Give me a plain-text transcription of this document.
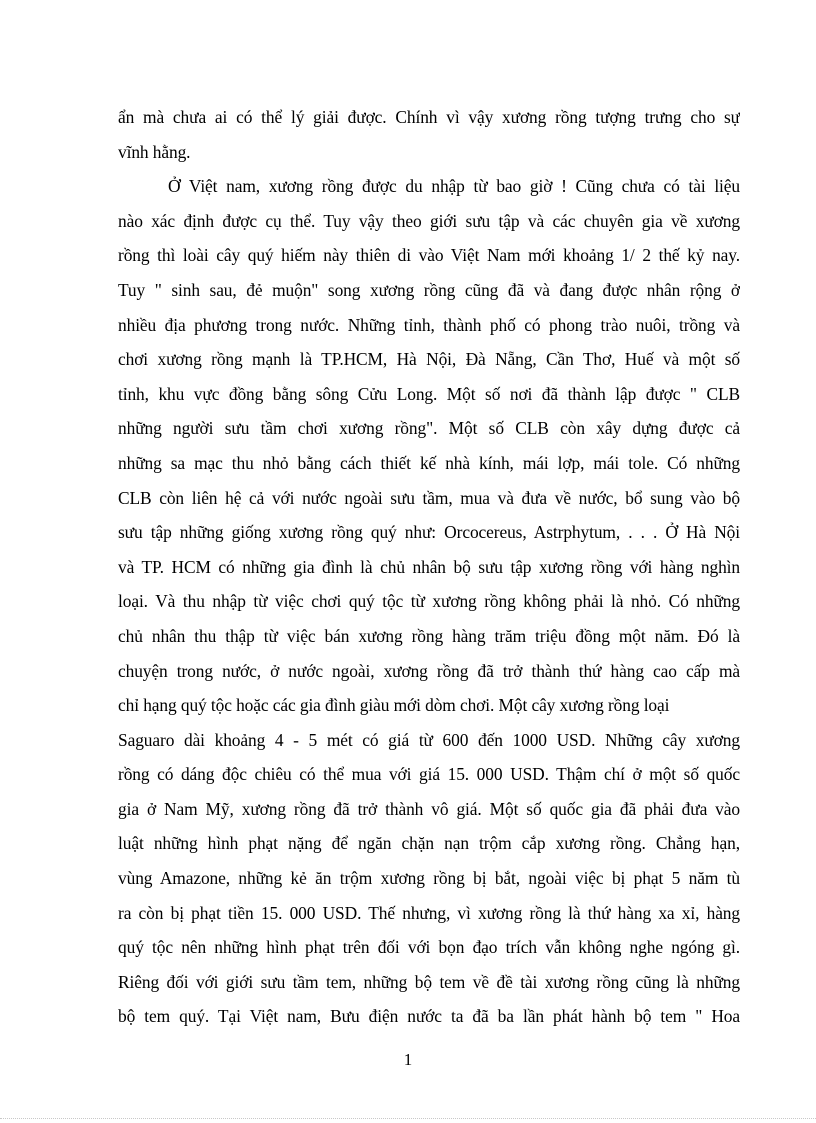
ẩn mà chưa ai có thể lý giải được. Chính vì vậy xương rồng tượng trưng cho sự
vĩnh hằng.
Ở Việt nam, xương rồng được du nhập từ bao giờ ! Cũng chưa có tài liệu
nào xác định được cụ thể. Tuy vậy theo giới sưu tập và các chuyên gia về xương
rồng thì loài cây quý hiếm này thiên di vào Việt Nam mới khoảng 1/ 2 thế kỷ nay.
Tuy " sinh sau, đẻ muộn" song xương rồng cũng đã và đang được nhân rộng ở
nhiều địa phương trong nước. Những tỉnh, thành phố có phong trào nuôi, trồng và
chơi xương rồng mạnh là TP.HCM, Hà Nội, Đà Nẵng, Cần Thơ, Huế và một số
tỉnh, khu vực đồng bằng sông Cửu Long. Một số nơi đã thành lập được " CLB
những người sưu tầm chơi xương rồng". Một số CLB còn xây dựng được cả
những sa mạc thu nhỏ bằng cách thiết kế nhà kính, mái lợp, mái tole. Có những
CLB còn liên hệ cả với nước ngoài sưu tầm, mua và đưa về nước, bổ sung vào bộ
sưu tập những giống xương rồng quý như: Orcocereus, Astrphytum, . . . Ở Hà Nội
và TP. HCM có những gia đình là chủ nhân bộ sưu tập xương rồng với hàng nghìn
loại. Và thu nhập từ việc chơi quý tộc từ xương rồng không phải là nhỏ. Có những
chủ nhân thu thập từ việc bán xương rồng hàng trăm triệu đồng một năm. Đó là
chuyện trong nước, ở nước ngoài, xương rồng đã trở thành thứ hàng cao cấp mà
chỉ hạng quý tộc hoặc các gia đình giàu mới dòm chơi. Một cây xương rồng loại
Saguaro dài khoảng 4 - 5 mét có giá từ 600 đến 1000 USD. Những cây xương
rồng có dáng độc chiêu có thể mua với giá 15. 000 USD. Thậm chí ở một số quốc
gia ở Nam Mỹ, xương rồng đã trở thành vô giá. Một số quốc gia đã phải đưa vào
luật những hình phạt nặng để ngăn chặn nạn trộm cắp xương rồng. Chẳng hạn,
vùng Amazone, những kẻ ăn trộm xương rồng bị bắt, ngoài việc bị phạt 5 năm tù
ra còn bị phạt tiền 15. 000 USD. Thế nhưng, vì xương rồng là thứ hàng xa xỉ, hàng
quý tộc nên những hình phạt trên đối với bọn đạo trích vẫn không nghe ngóng gì.
Riêng đối với giới sưu tầm tem, những bộ tem về đề tài xương rồng cũng là những
bộ tem quý. Tại Việt nam, Bưu điện nước ta đã ba lần phát hành bộ tem " Hoa
1
